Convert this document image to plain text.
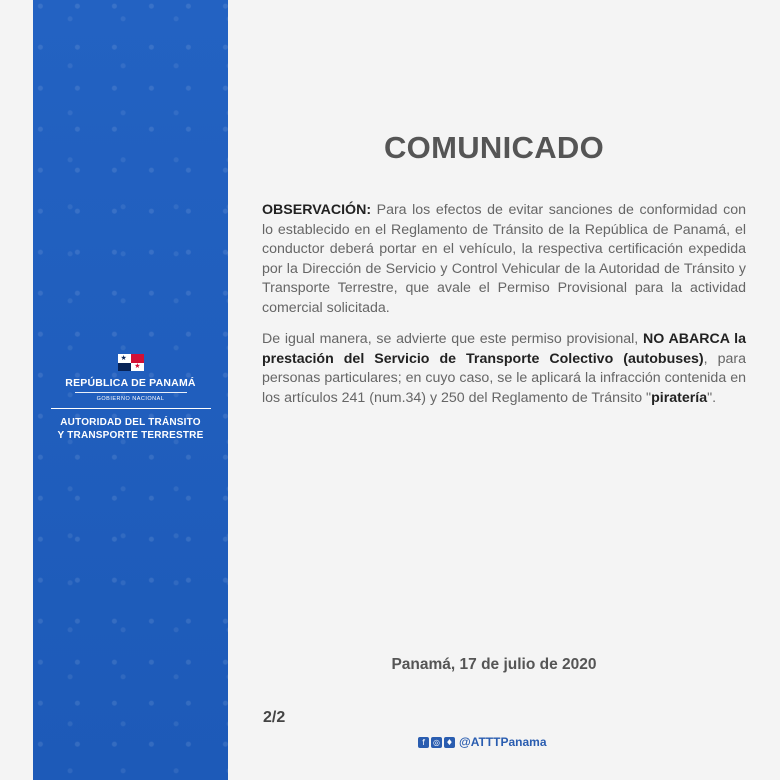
★
★
REPÚBLICA DE PANAMÁ
GOBIERNO NACIONAL
AUTORIDAD DEL TRÁNSITO
Y TRANSPORTE TERRESTRE
COMUNICADO
OBSERVACIÓN: Para los efectos de evitar sanciones de conformidad con lo establecido en el Reglamento de Tránsito de la República de Panamá, el conductor deberá portar en el vehículo, la respectiva certificación expedida por la Dirección de Servicio y Control Vehicular de la Autoridad de Tránsito y Transporte Terrestre, que avale el Permiso Provisional para la actividad comercial solicitada.
De igual manera, se advierte que este permiso provisional, NO ABARCA la prestación del Servicio de Transporte Colectivo (autobuses), para personas particulares; en cuyo caso, se le aplicará la infracción contenida en los artículos 241 (num.34) y 250 del Reglamento de Tránsito "piratería".
Panamá, 17 de julio de 2020
2/2
f	◎ ♦ @ATTTPanama
